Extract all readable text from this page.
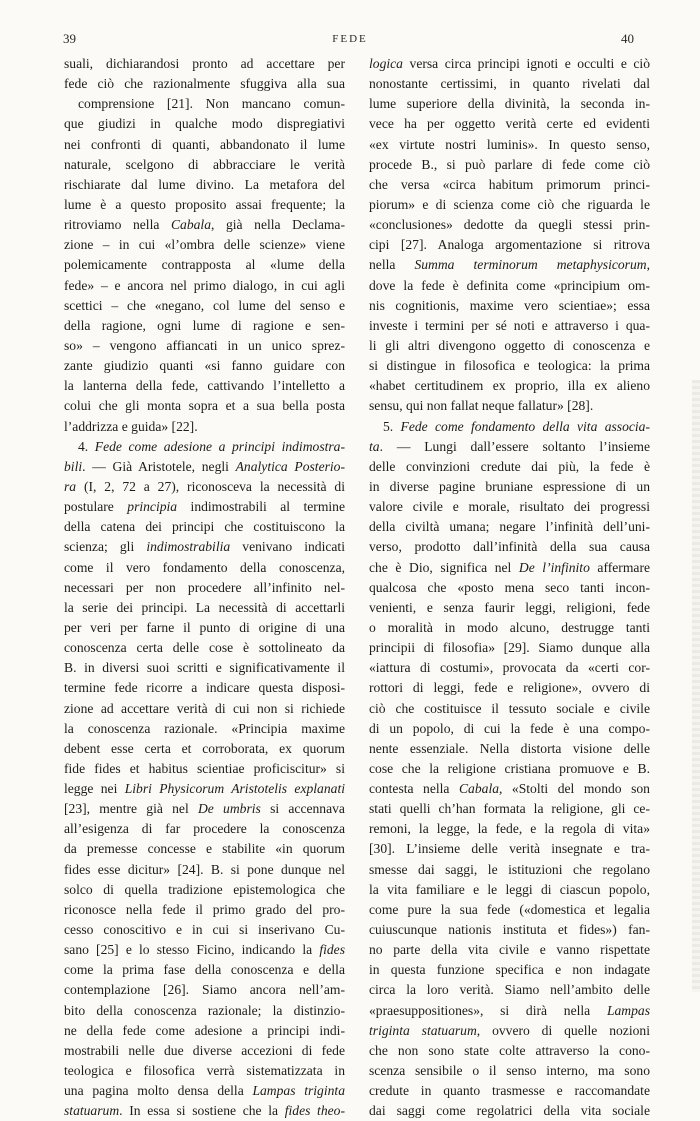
39	FEDE	40
suali, dichiarandosi pronto ad accettare per
fede ciò che razionalmente sfuggiva alla sua
comprensione [21]. Non mancano comun-
que giudizi in qualche modo dispregiativi
nei confronti di quanti, abbandonato il lume
naturale, scelgono di abbracciare le verità
rischiarate dal lume divino. La metafora del
lume è a questo proposito assai frequente; la
ritroviamo nella Cabala, già nella Declama-
zione – in cui «l’ombra delle scienze» viene
polemicamente contrapposta al «lume della
fede» – e ancora nel primo dialogo, in cui agli
scettici – che «negano, col lume del senso e
della ragione, ogni lume di ragione e sen-
so» – vengono affiancati in un unico sprez-
zante giudizio quanti «si fanno guidare con
la lanterna della fede, cattivando l’intelletto a
colui che gli monta sopra et a sua bella posta
l’addrizza e guida» [22].
4. Fede come adesione a principi indimostra-
bili. — Già Aristotele, negli Analytica Posterio-
ra (I, 2, 72 a 27), riconosceva la necessità di
postulare principia indimostrabili al termine
della catena dei principi che costituiscono la
scienza; gli indimostrabilia venivano indicati
come il vero fondamento della conoscenza,
necessari per non procedere all’infinito nel-
la serie dei principi. La necessità di accettarli
per veri per farne il punto di origine di una
conoscenza certa delle cose è sottolineato da
B. in diversi suoi scritti e significativamente il
termine fede ricorre a indicare questa disposi-
zione ad accettare verità di cui non si richiede
la conoscenza razionale. «Principia maxime
debent esse certa et corroborata, ex quorum
fide fides et habitus scientiae proficiscitur» si
legge nei Libri Physicorum Aristotelis explanati
[23], mentre già nel De umbris si accennava
all’esigenza di far procedere la conoscenza
da premesse concesse e stabilite «in quorum
fides esse dicitur» [24]. B. si pone dunque nel
solco di quella tradizione epistemologica che
riconosce nella fede il primo grado del pro-
cesso conoscitivo e in cui si inserivano Cu-
sano [25] e lo stesso Ficino, indicando la fides
come la prima fase della conoscenza e della
contemplazione [26]. Siamo ancora nell’am-
bito della conoscenza razionale; la distinzio-
ne della fede come adesione a principi indi-
mostrabili nelle due diverse accezioni di fede
teologica e filosofica verrà sistematizzata in
una pagina molto densa della Lampas triginta
statuarum. In essa si sostiene che la fides theo-
logica versa circa principi ignoti e occulti e ciò
nonostante certissimi, in quanto rivelati dal
lume superiore della divinità, la seconda in-
vece ha per oggetto verità certe ed evidenti
«ex virtute nostri luminis». In questo senso,
procede B., si può parlare di fede come ciò
che versa «circa habitum primorum princi-
piorum» e di scienza come ciò che riguarda le
«conclusiones» dedotte da quegli stessi prin-
cipi [27]. Analoga argomentazione si ritrova
nella Summa terminorum metaphysicorum,
dove la fede è definita come «principium om-
nis cognitionis, maxime vero scientiae»; essa
investe i termini per sé noti e attraverso i qua-
li gli altri divengono oggetto di conoscenza e
si distingue in filosofica e teologica: la prima
«habet certitudinem ex proprio, illa ex alieno
sensu, qui non fallat neque fallatur» [28].
5. Fede come fondamento della vita associa-
ta. — Lungi dall’essere soltanto l’insieme
delle convinzioni credute dai più, la fede è
in diverse pagine bruniane espressione di un
valore civile e morale, risultato dei progressi
della civiltà umana; negare l’infinità dell’uni-
verso, prodotto dall’infinità della sua causa
che è Dio, significa nel De l’infinito affermare
qualcosa che «posto mena seco tanti incon-
venienti, e senza faurir leggi, religioni, fede
o moralità in modo alcuno, destrugge tanti
principii di filosofia» [29]. Siamo dunque alla
«iattura di costumi», provocata da «certi cor-
rottori di leggi, fede e religione», ovvero di
ciò che costituisce il tessuto sociale e civile
di un popolo, di cui la fede è una compo-
nente essenziale. Nella distorta visione delle
cose che la religione cristiana promuove e B.
contesta nella Cabala, «Stolti del mondo son
stati quelli ch’han formata la religione, gli ce-
remoni, la legge, la fede, e la regola di vita»
[30]. L’insieme delle verità insegnate e tra-
smesse dai saggi, le istituzioni che regolano
la vita familiare e le leggi di ciascun popolo,
come pure la sua fede («domestica et legalia
cuiuscunque nationis instituta et fides») fan-
no parte della vita civile e vanno rispettate
in questa funzione specifica e non indagate
circa la loro verità. Siamo nell’ambito delle
«praesuppositiones», si dirà nella Lampas
triginta statuarum, ovvero di quelle nozioni
che non sono state colte attraverso la cono-
scenza sensibile o il senso interno, ma sono
credute in quanto trasmesse e raccomandate
dai saggi come regolatrici della vita sociale
